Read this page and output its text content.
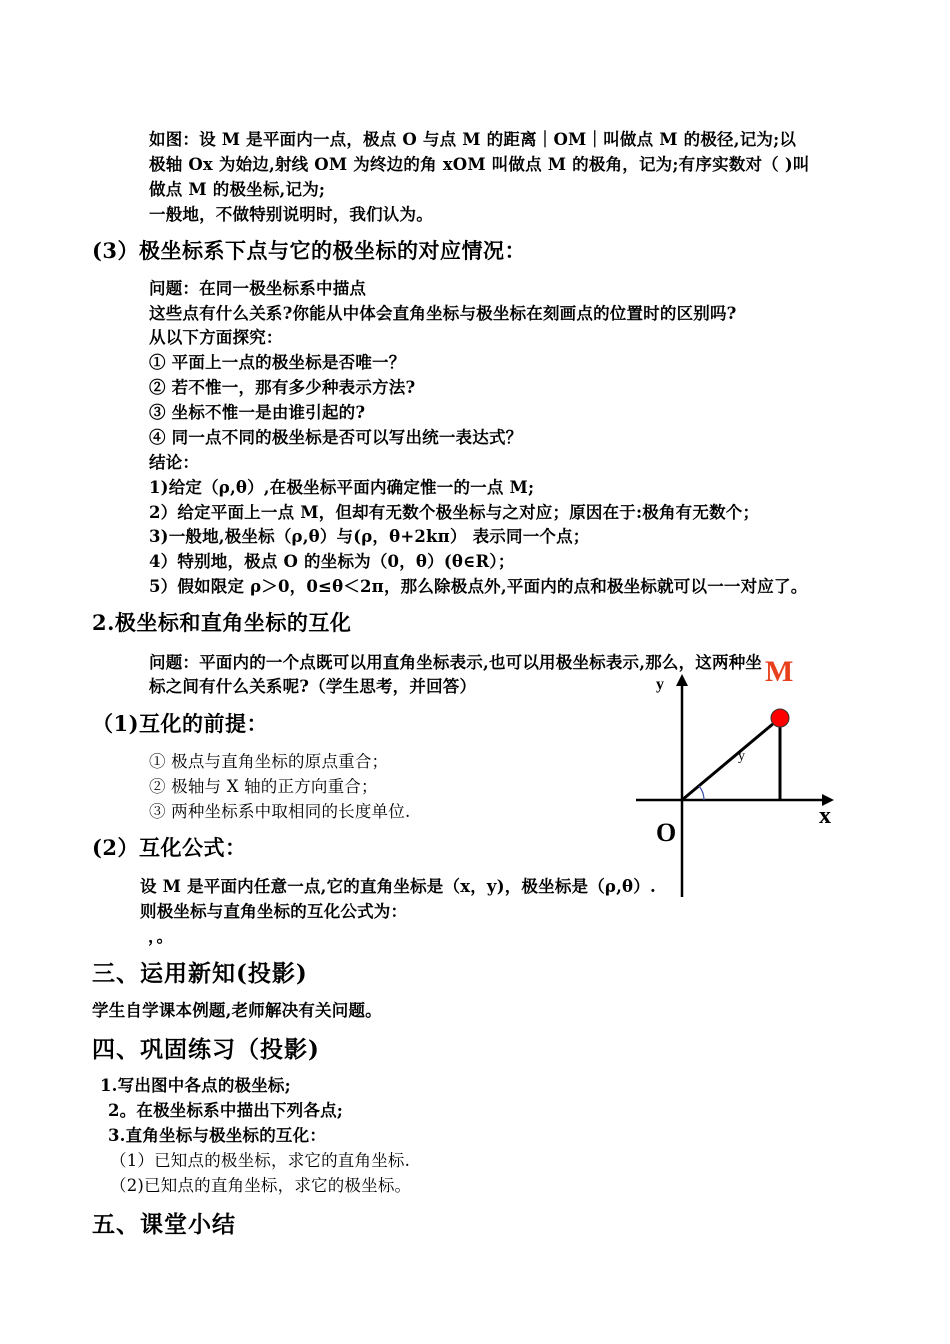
如图：设 M 是平面内一点，极点 O 与点 M 的距离｜OM｜叫做点 M 的极径,记为;以
极轴 Ox 为始边,射线 OM 为终边的角 xOM 叫做点 M 的极角，记为;有序实数对（ )叫
做点 M 的极坐标,记为;
一般地，不做特别说明时，我们认为。
(3）极坐标系下点与它的极坐标的对应情况：
问题：在同一极坐标系中描点
这些点有什么关系?你能从中体会直角坐标与极坐标在刻画点的位置时的区别吗?
从以下方面探究：
① 平面上一点的极坐标是否唯一？
② 若不惟一，那有多少种表示方法?
③ 坐标不惟一是由谁引起的?
④ 同一点不同的极坐标是否可以写出统一表达式？
结论：
1)给定（ρ,θ）,在极坐标平面内确定惟一的一点 M;
2）给定平面上一点 M，但却有无数个极坐标与之对应；原因在于:极角有无数个；
3)一般地,极坐标（ρ,θ）与(ρ，θ+2kπ） 表示同一个点；
4）特别地，极点 O 的坐标为（0，θ）(θ∈R）；
5）假如限定 ρ＞0，0≤θ＜2π，那么除极点外,平面内的点和极坐标就可以一一对应了。
2.极坐标和直角坐标的互化
问题：平面内的一个点既可以用直角坐标表示,也可以用极坐标表示,那么，这两种坐
标之间有什么关系呢?（学生思考，并回答）
（1)互化的前提：
① 极点与直角坐标的原点重合；
② 极轴与 X 轴的正方向重合；
③ 两种坐标系中取相同的长度单位.
(2）互化公式：
设 M 是平面内任意一点,它的直角坐标是（x，y)，极坐标是（ρ,θ）.
则极坐标与直角坐标的互化公式为：
，。
M
y
x
O
y
三、运用新知(投影)
学生自学课本例题,老师解决有关问题。
四、巩固练习（投影)
1.写出图中各点的极坐标;
2。在极坐标系中描出下列各点;
3.直角坐标与极坐标的互化：
（1）已知点的极坐标，求它的直角坐标.
（2)已知点的直角坐标，求它的极坐标。
五、课堂小结
